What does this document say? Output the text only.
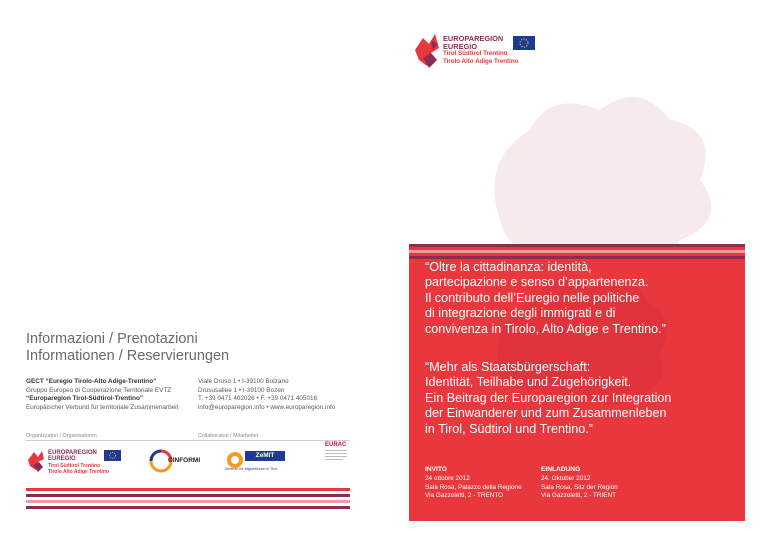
Informazioni / Prenotazioni
Informationen / Reservierungen
GECT “Euregio Tirolo-Alto Adige-Trentino”
Gruppo Europeo di Cooperazione Territoriale EVTZ
“Europaregion Tirol-Südtirol-Trentino”
Europäischer Verbund für territoriale Zusammenarbeit
Viale Druso 1 • I-39100 Bolzano
Drususallee 1 • I-39100 Bozen
T. +39 0471 402026 • F. +39 0471 405016
info@europaregion.info • www.europaregion.info
Organizzatori / Organisatoren	Collaboratori / Mitarbeiter
EUROPAREGION
EUREGIO
Tirol Südtirol Trentino
Tirolo Alto Adige Trentino
CINFORMI
ZeMiT
Zentrum für MigrantInnen in Tirol
EURAC
EUROPAREGION
EUREGIO
Tirol Südtirol Trentino
Tirolo Alto Adige Trentino
“Oltre la cittadinanza: identità,
partecipazione e senso d’appartenenza.
Il contributo dell’Euregio nelle politiche
di integrazione degli immigrati e di
convivenza in Tirolo, Alto Adige e Trentino.”
“Mehr als Staatsbürgerschaft:
Identität, Teilhabe und Zugehörigkeit.
Ein Beitrag der Europaregion zur Integration
der Einwanderer und zum Zusammenleben
in Tirol, Südtirol und Trentino.”
INVITO
24 ottobre 2012
Sala Rosa, Palazzo della Regione
Via Gazzoletti, 2 - TRENTO
EINLADUNG
24. Oktober 2012
Sala Rosa, Sitz der Region
Via Gazzoletti, 2 - TRIENT
